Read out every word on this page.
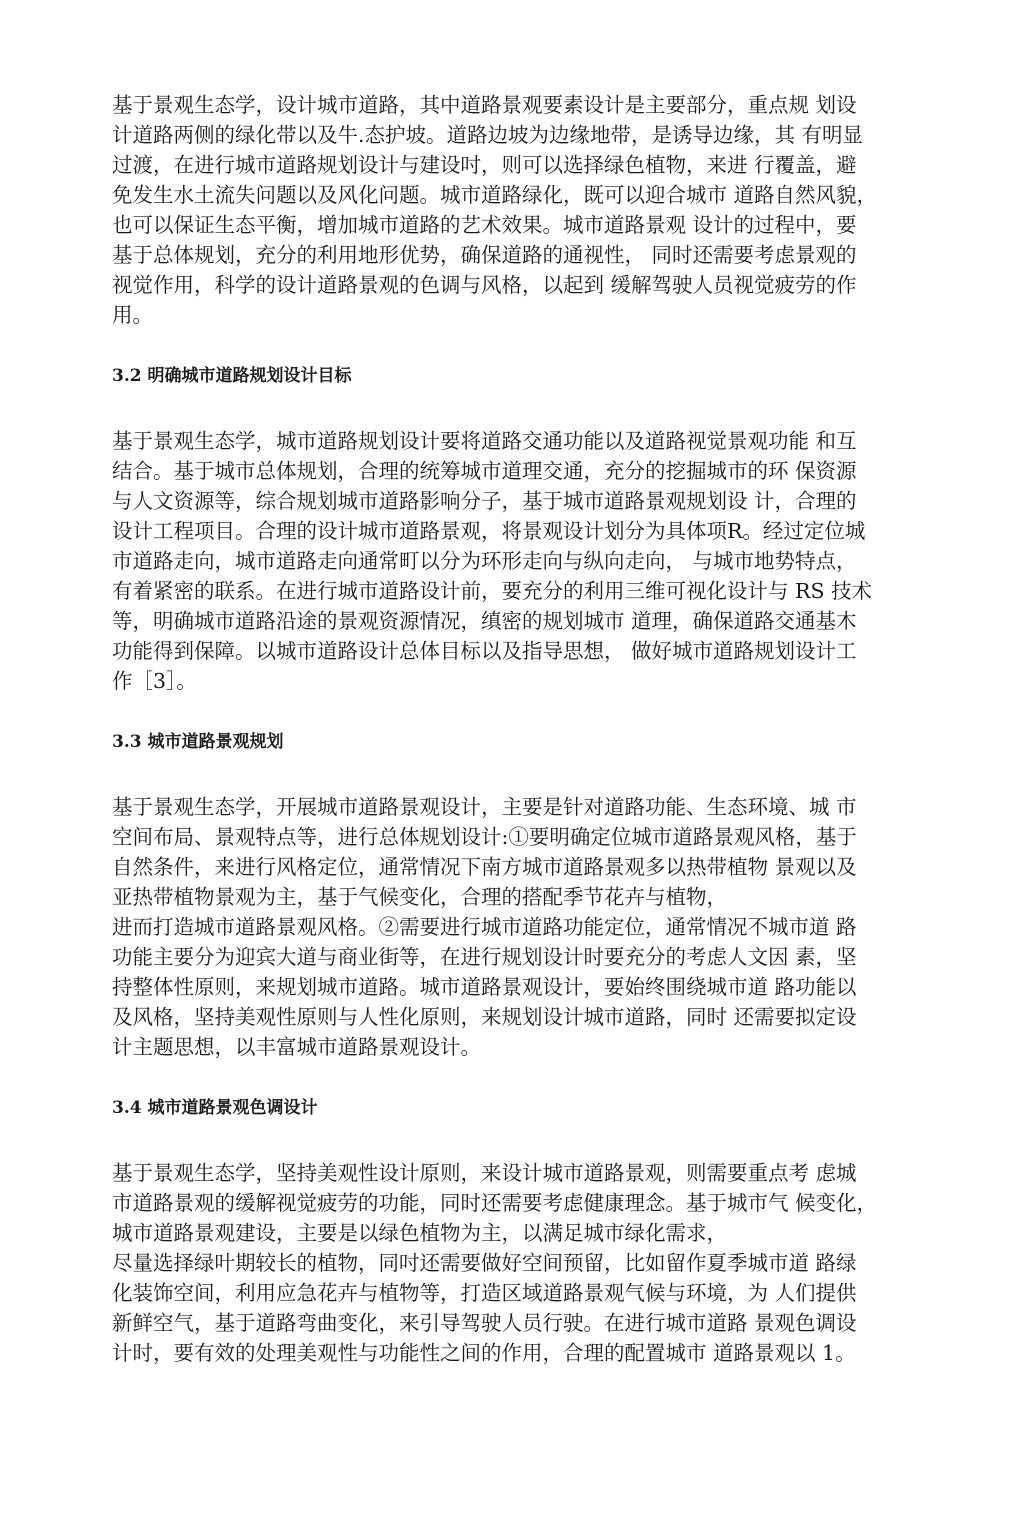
基于景观生态学，设计城市道路，其中道路景观要素设计是主要部分，重点规 划设
计道路两侧的绿化带以及牛.态护坡。道路边坡为边缘地带，是诱导边缘，其 有明显
过渡，在进行城市道路规划设计与建设吋，则可以选择绿色植物，来进 行覆盖，避
免发生水土流失问题以及风化问题。城市道路绿化，既可以迎合城市 道路自然风貌，
也可以保证生态平衡，增加城市道路的艺术效果。城市道路景观 设计的过程中，要
基于总体规划，充分的利用地形优势，确保道路的通视性， 同时还需要考虑景观的
视觉作用，科学的设计道路景观的色调与风格，以起到 缓解驾驶人员视觉疲劳的作
用。

3.2 明确城市道路规划设计目标

基于景观生态学，城市道路规划设计要将道路交通功能以及道路视觉景观功能 和互
结合。基于城市总体规划，合理的统筹城市道理交通，充分的挖掘城市的环 保资源
与人文资源等，综合规划城市道路影响分子，基于城市道路景观规划设 计，合理的
设计工程项目。合理的设计城市道路景观，将景观设计划分为具体项R。经过定位城
市道路走向，城市道路走向通常町以分为环形走向与纵向走向， 与城市地势特点，
有着紧密的联系。在进行城市道路设计前，要充分的利用三维可视化设计与 RS 技术
等，明确城市道路沿途的景观资源情况，缜密的规划城市 道理，确保道路交通基木
功能得到保障。以城市道路设计总体目标以及指导思想， 做好城市道路规划设计工
作［3］。

3.3 城市道路景观规划

基于景观生态学，开展城市道路景观设计，主要是针对道路功能、生态环境、城 市
空间布局、景观特点等，进行总体规划设计:①要明确定位城市道路景观风格，基于
自然条件，来进行风格定位，通常情况下南方城市道路景观多以热带植物 景观以及
亚热带植物景观为主，基于气候变化，合理的搭配季节花卉与植物，
进而打造城市道路景观风格。②需要进行城市道路功能定位，通常情况不城市道 路
功能主要分为迎宾大道与商业街等，在进行规划设计时要充分的考虑人文因 素，坚
持整体性原则，来规划城市道路。城市道路景观设计，要始终围绕城市道 路功能以
及风格，坚持美观性原则与人性化原则，来规划设计城市道路，同时 还需要拟定设
计主题思想，以丰富城市道路景观设计。

3.4 城市道路景观色调设计

基于景观生态学，坚持美观性设计原则，来设计城市道路景观，则需要重点考 虑城
市道路景观的缓解视觉疲劳的功能，同时还需要考虑健康理念。基于城市气 候变化，
城市道路景观建设，主要是以绿色植物为主，以满足城市绿化需求，
尽量选择绿叶期较长的植物，同吋还需要做好空间预留，比如留作夏季城市道 路绿
化装饰空间，利用应急花卉与植物等，打造区域道路景观气候与环境，为 人们提供
新鲜空气，基于道路弯曲变化，来引导驾驶人员行驶。在进行城市道路 景观色调设
计时，要有效的处理美观性与功能性之间的作用，合理的配置城市 道路景观以 1。
